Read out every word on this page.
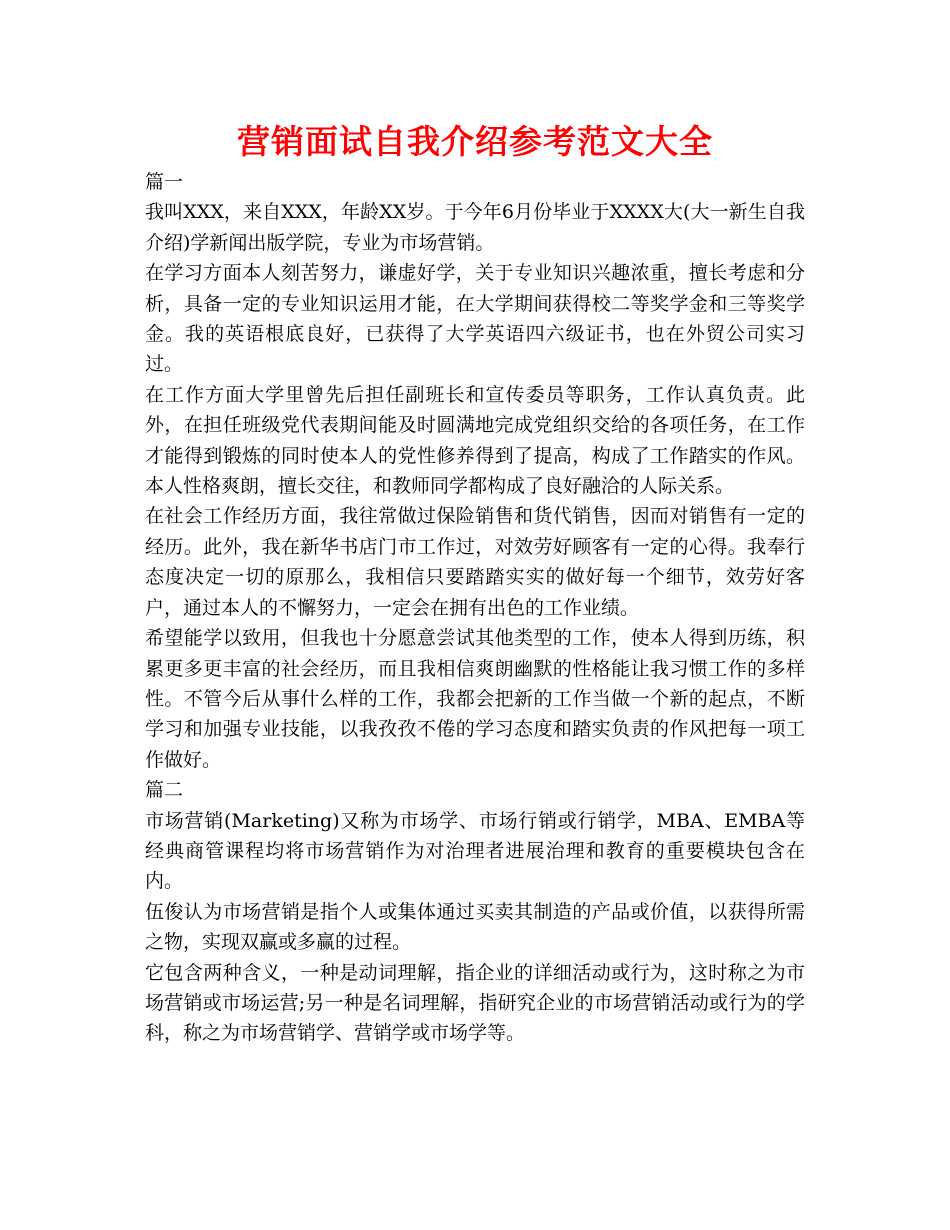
营销面试自我介绍参考范文大全

篇一

我叫XXX，来自XXX，年龄XX岁。于今年6月份毕业于XXXX大(大一新生自我介绍)学新闻出版学院，专业为市场营销。

在学习方面本人刻苦努力，谦虚好学，关于专业知识兴趣浓重，擅长考虑和分析，具备一定的专业知识运用才能，在大学期间获得校二等奖学金和三等奖学金。我的英语根底良好，已获得了大学英语四六级证书，也在外贸公司实习过。

在工作方面大学里曾先后担任副班长和宣传委员等职务，工作认真负责。此外，在担任班级党代表期间能及时圆满地完成党组织交给的各项任务，在工作才能得到锻炼的同时使本人的党性修养得到了提高，构成了工作踏实的作风。本人性格爽朗，擅长交往，和教师同学都构成了良好融洽的人际关系。

在社会工作经历方面，我往常做过保险销售和货代销售，因而对销售有一定的经历。此外，我在新华书店门市工作过，对效劳好顾客有一定的心得。我奉行态度决定一切的原那么，我相信只要踏踏实实的做好每一个细节，效劳好客户，通过本人的不懈努力，一定会在拥有出色的工作业绩。

希望能学以致用，但我也十分愿意尝试其他类型的工作，使本人得到历练，积累更多更丰富的社会经历，而且我相信爽朗幽默的性格能让我习惯工作的多样性。不管今后从事什么样的工作，我都会把新的工作当做一个新的起点，不断学习和加强专业技能，以我孜孜不倦的学习态度和踏实负责的作风把每一项工作做好。

篇二

市场营销(Marketing)又称为市场学、市场行销或行销学，MBA、EMBA等经典商管课程均将市场营销作为对治理者进展治理和教育的重要模块包含在内。

伍俊认为市场营销是指个人或集体通过买卖其制造的产品或价值，以获得所需之物，实现双赢或多赢的过程。

它包含两种含义，一种是动词理解，指企业的详细活动或行为，这时称之为市场营销或市场运营;另一种是名词理解，指研究企业的市场营销活动或行为的学科，称之为市场营销学、营销学或市场学等。
